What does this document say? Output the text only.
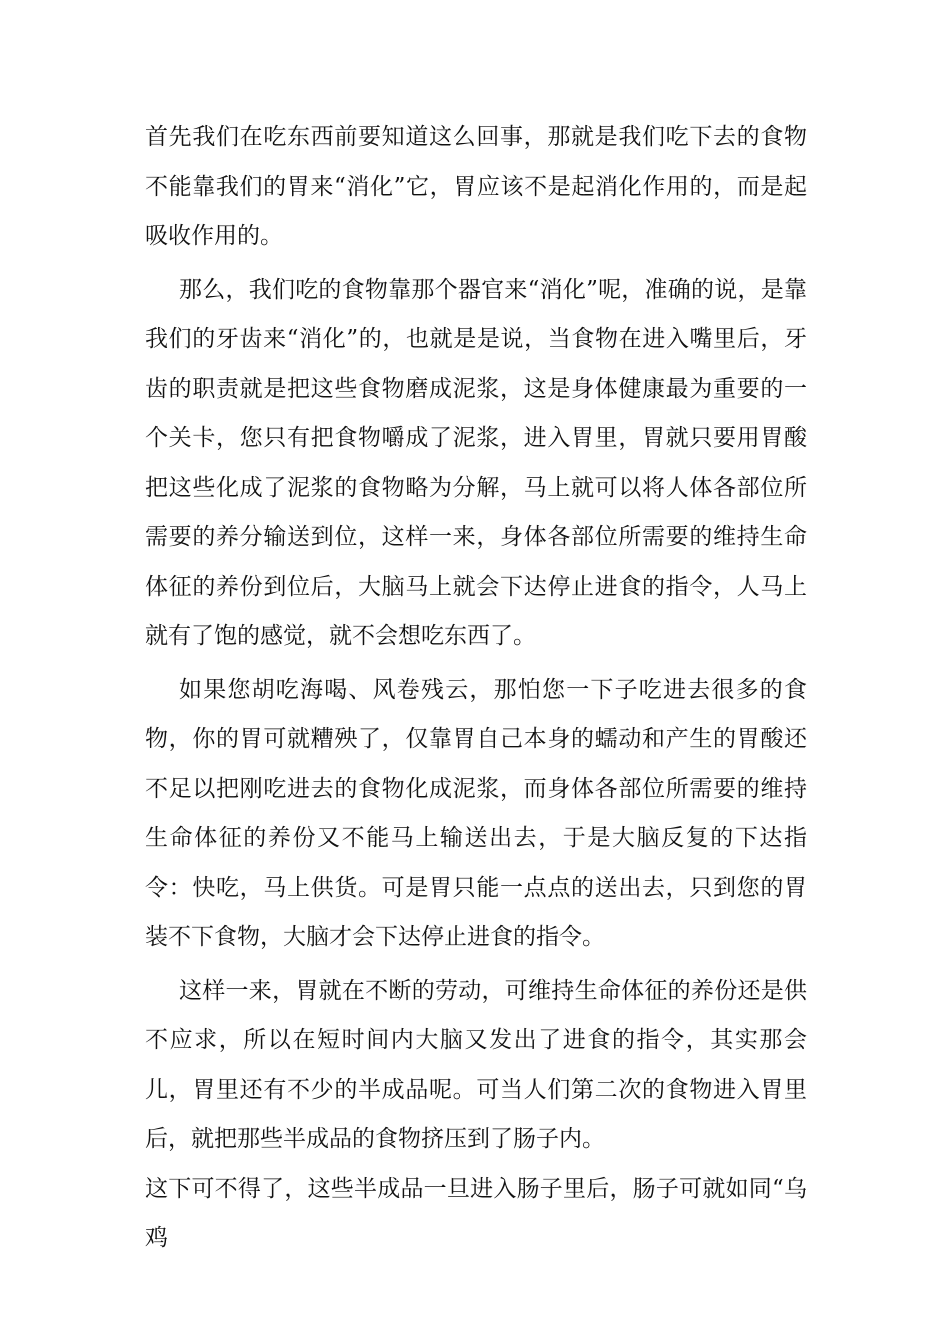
首先我们在吃东西前要知道这么回事，那就是我们吃下去的食物不能靠我们的胃来“消化”它，胃应该不是起消化作用的，而是起吸收作用的。

那么，我们吃的食物靠那个器官来“消化”呢，准确的说，是靠我们的牙齿来“消化”的，也就是是说，当食物在进入嘴里后，牙齿的职责就是把这些食物磨成泥浆，这是身体健康最为重要的一个关卡，您只有把食物嚼成了泥浆，进入胃里，胃就只要用胃酸把这些化成了泥浆的食物略为分解，马上就可以将人体各部位所需要的养分输送到位，这样一来，身体各部位所需要的维持生命体征的养份到位后，大脑马上就会下达停止进食的指令，人马上就有了饱的感觉，就不会想吃东西了。

如果您胡吃海喝、风卷残云，那怕您一下子吃进去很多的食物，你的胃可就糟殃了，仅靠胃自己本身的蠕动和产生的胃酸还不足以把刚吃进去的食物化成泥浆，而身体各部位所需要的维持生命体征的养份又不能马上输送出去，于是大脑反复的下达指令：快吃，马上供货。可是胃只能一点点的送出去，只到您的胃装不下食物，大脑才会下达停止进食的指令。

这样一来，胃就在不断的劳动，可维持生命体征的养份还是供不应求，所以在短时间内大脑又发出了进食的指令，其实那会儿，胃里还有不少的半成品呢。可当人们第二次的食物进入胃里后，就把那些半成品的食物挤压到了肠子内。

这下可不得了，这些半成品一旦进入肠子里后，肠子可就如同“乌鸡
